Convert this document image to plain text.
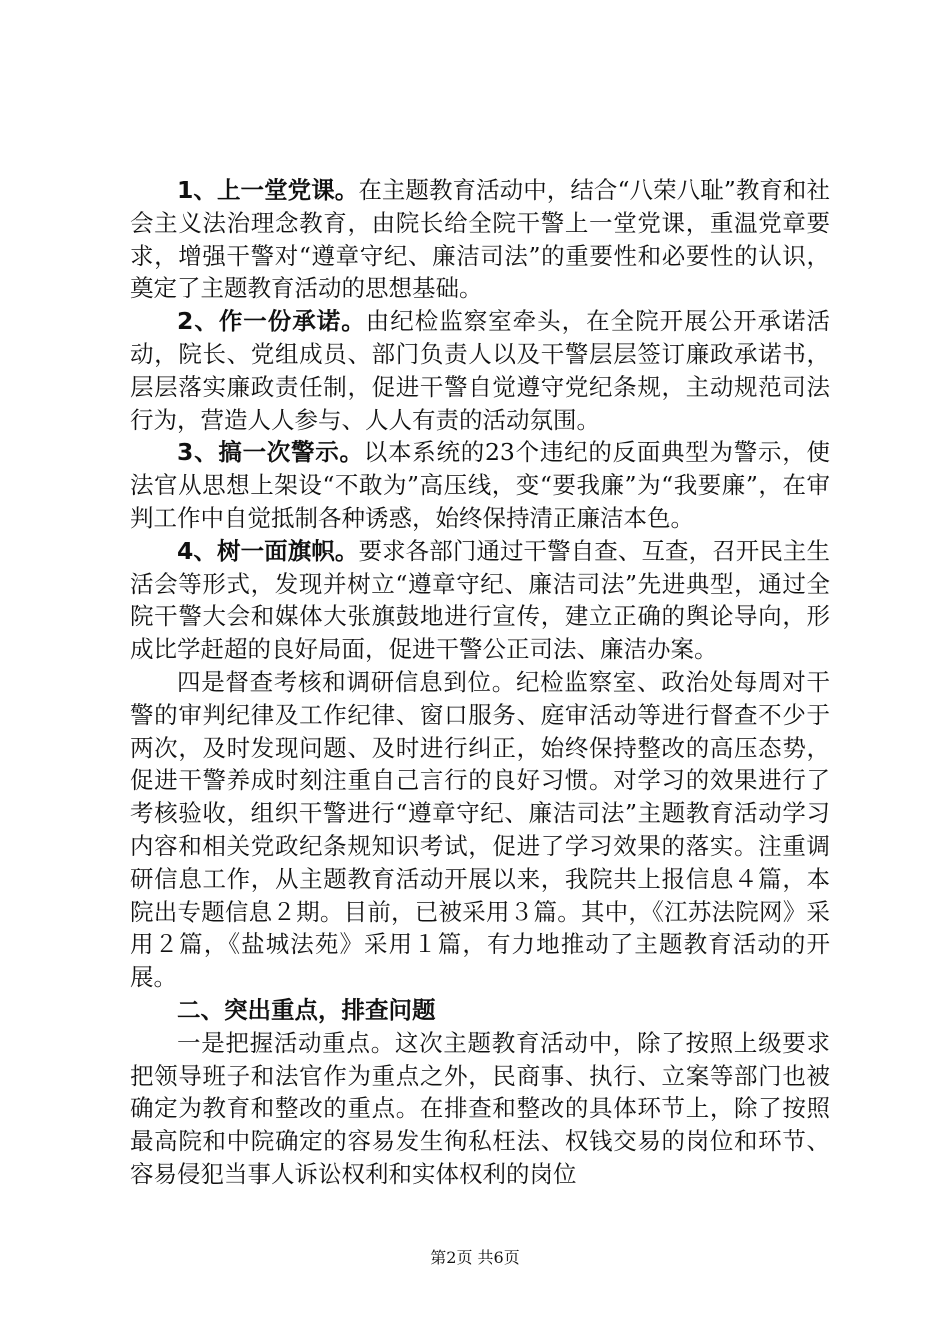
1、上一堂党课。在主题教育活动中，结合“八荣八耻”教育和社会主义法治理念教育，由院长给全院干警上一堂党课，重温党章要求，增强干警对“遵章守纪、廉洁司法”的重要性和必要性的认识，奠定了主题教育活动的思想基础。

2、作一份承诺。由纪检监察室牵头，在全院开展公开承诺活动，院长、党组成员、部门负责人以及干警层层签订廉政承诺书，层层落实廉政责任制，促进干警自觉遵守党纪条规，主动规范司法行为，营造人人参与、人人有责的活动氛围。

3、搞一次警示。以本系统的23个违纪的反面典型为警示，使法官从思想上架设“不敢为”高压线，变“要我廉”为“我要廉”，在审判工作中自觉抵制各种诱惑，始终保持清正廉洁本色。

4、树一面旗帜。要求各部门通过干警自查、互查，召开民主生活会等形式，发现并树立“遵章守纪、廉洁司法”先进典型，通过全院干警大会和媒体大张旗鼓地进行宣传，建立正确的舆论导向，形成比学赶超的良好局面，促进干警公正司法、廉洁办案。

四是督查考核和调研信息到位。纪检监察室、政治处每周对干警的审判纪律及工作纪律、窗口服务、庭审活动等进行督查不少于两次，及时发现问题、及时进行纠正，始终保持整改的高压态势，促进干警养成时刻注重自己言行的良好习惯。对学习的效果进行了考核验收，组织干警进行“遵章守纪、廉洁司法”主题教育活动学习内容和相关党政纪条规知识考试，促进了学习效果的落实。注重调研信息工作，从主题教育活动开展以来，我院共上报信息４篇，本院出专题信息２期。目前，已被采用３篇。其中，《江苏法院网》采用２篇，《盐城法苑》采用１篇，有力地推动了主题教育活动的开展。

二、突出重点，排查问题

一是把握活动重点。这次主题教育活动中，除了按照上级要求把领导班子和法官作为重点之外，民商事、执行、立案等部门也被确定为教育和整改的重点。在排查和整改的具体环节上，除了按照最高院和中院确定的容易发生徇私枉法、权钱交易的岗位和环节、容易侵犯当事人诉讼权利和实体权利的岗位

第2页 共6页
